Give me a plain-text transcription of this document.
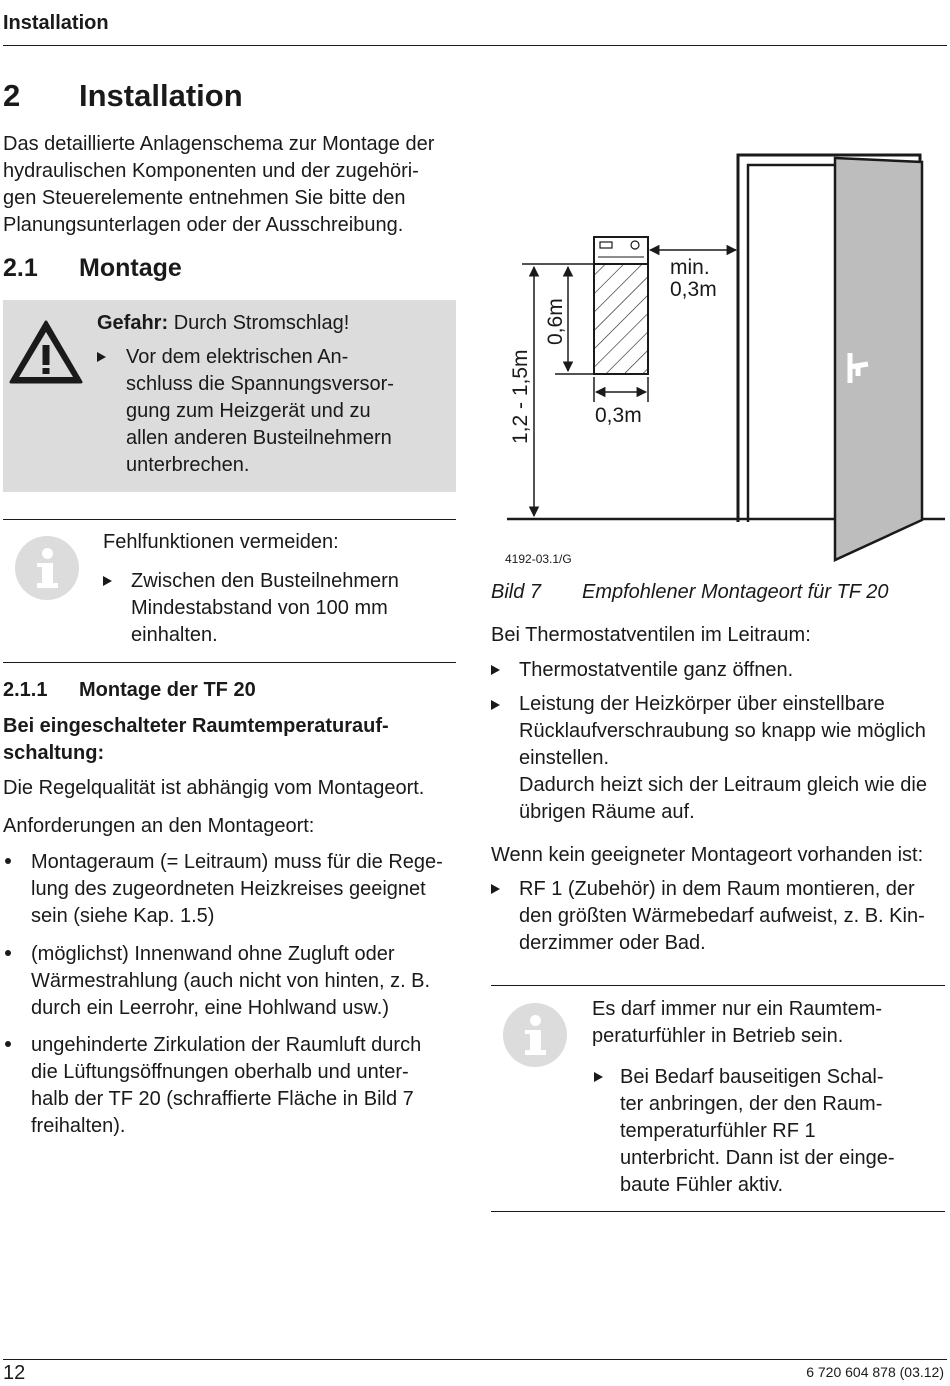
Installation
2 Installation
Das detaillierte Anlagenschema zur Montage der
hydraulischen Komponenten und der zugehöri-
gen Steuerelemente entnehmen Sie bitte den
Planungsunterlagen oder der Ausschreibung.
2.1 Montage
Gefahr: Durch Stromschlag!
Vor dem elektrischen An-
schluss die Spannungsversor-
gung zum Heizgerät und zu
allen anderen Busteilnehmern
unterbrechen.
Fehlfunktionen vermeiden:
Zwischen den Busteilnehmern
Mindestabstand von 100 mm
einhalten.
2.1.1 Montage der TF 20
Bei eingeschalteter Raumtemperaturauf-
schaltung:
Die Regelqualität ist abhängig vom Montageort.
Anforderungen an den Montageort:
Montageraum (= Leitraum) muss für die Rege-
lung des zugeordneten Heizkreises geeignet
sein (siehe Kap. 1.5)
(möglichst) Innenwand ohne Zugluft oder
Wärmestrahlung (auch nicht von hinten, z. B.
durch ein Leerrohr, eine Hohlwand usw.)
ungehinderte Zirkulation der Raumluft durch
die Lüftungsöffnungen oberhalb und unter-
halb der TF 20 (schraffierte Fläche in Bild 7
freihalten).
1,2 - 1,5m
0,6m
0,3m
min.
0,3m
4192-03.1/G
Bild 7 Empfohlener Montageort für TF 20
Bei Thermostatventilen im Leitraum:
Thermostatventile ganz öffnen.
Leistung der Heizkörper über einstellbare
Rücklaufverschraubung so knapp wie möglich
einstellen.
Dadurch heizt sich der Leitraum gleich wie die
übrigen Räume auf.
Wenn kein geeigneter Montageort vorhanden ist:
RF 1 (Zubehör) in dem Raum montieren, der
den größten Wärmebedarf aufweist, z. B. Kin-
derzimmer oder Bad.
Es darf immer nur ein Raumtem-
peraturfühler in Betrieb sein.
Bei Bedarf bauseitigen Schal-
ter anbringen, der den Raum-
temperaturfühler RF 1
unterbricht. Dann ist der einge-
baute Fühler aktiv.
12	6 720 604 878 (03.12)
